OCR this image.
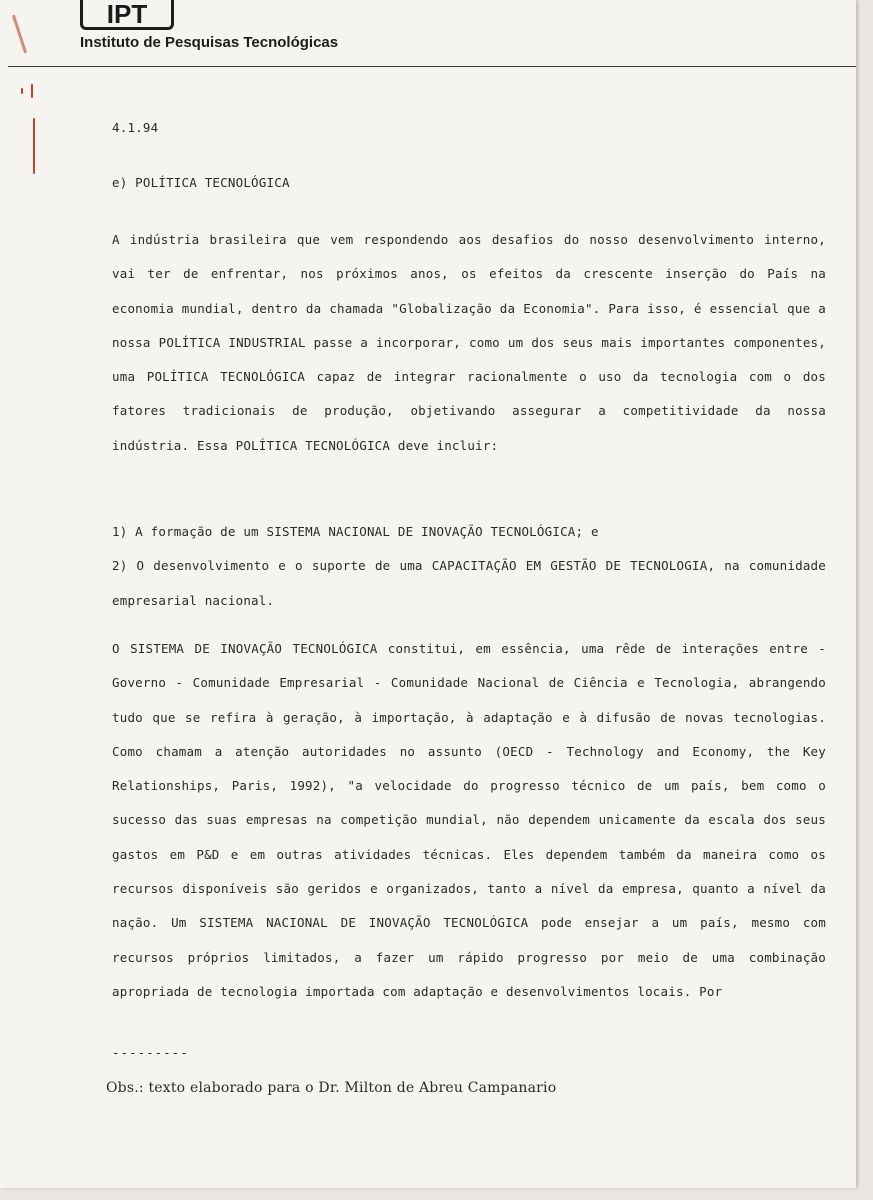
IPT
Instituto de Pesquisas Tecnológicas
4.1.94
e) POLÍTICA TECNOLÓGICA
A indústria brasileira que vem respondendo aos desafios do nosso desenvolvimento interno, vai ter de enfrentar, nos próximos anos, os efeitos da crescente inserção do País na economia mundial, dentro da chamada "Globalização da Economia". Para isso, é essencial que a nossa POLÍTICA INDUSTRIAL passe a incorporar, como um dos seus mais importantes componentes, uma POLÍTICA TECNOLÓGICA capaz de integrar racionalmente o uso da tecnologia com o dos fatores tradicionais de produção, objetivando assegurar a competitividade da nossa indústria. Essa POLÍTICA TECNOLÓGICA deve incluir:
1) A formação de um SISTEMA NACIONAL DE INOVAÇÃO TECNOLÓGICA; e
2) O desenvolvimento e o suporte de uma CAPACITAÇÃO EM GESTÃO DE TECNOLOGIA, na comunidade empresarial nacional.
O SISTEMA DE INOVAÇÃO TECNOLÓGICA constitui, em essência, uma rêde de interações entre - Governo - Comunidade Empresarial - Comunidade Nacional de Ciência e Tecnologia, abrangendo tudo que se refira à geração, à importação, à adaptação e à difusão de novas tecnologias. Como chamam a atenção autoridades no assunto (OECD - Technology and Economy, the Key Relationships, Paris, 1992), "a velocidade do progresso técnico de um país, bem como o sucesso das suas empresas na competição mundial, não dependem unicamente da escala dos seus gastos em P&D e em outras atividades técnicas. Eles dependem também da maneira como os recursos disponíveis são geridos e organizados, tanto a nível da empresa, quanto a nível da nação. Um SISTEMA NACIONAL DE INOVAÇÃO TECNOLÓGICA pode ensejar a um país, mesmo com recursos próprios limitados, a fazer um rápido progresso por meio de uma combinação apropriada de tecnologia importada com adaptação e desenvolvimentos locais. Por
---------
Obs.: texto elaborado para o Dr. Milton de Abreu Campanario
